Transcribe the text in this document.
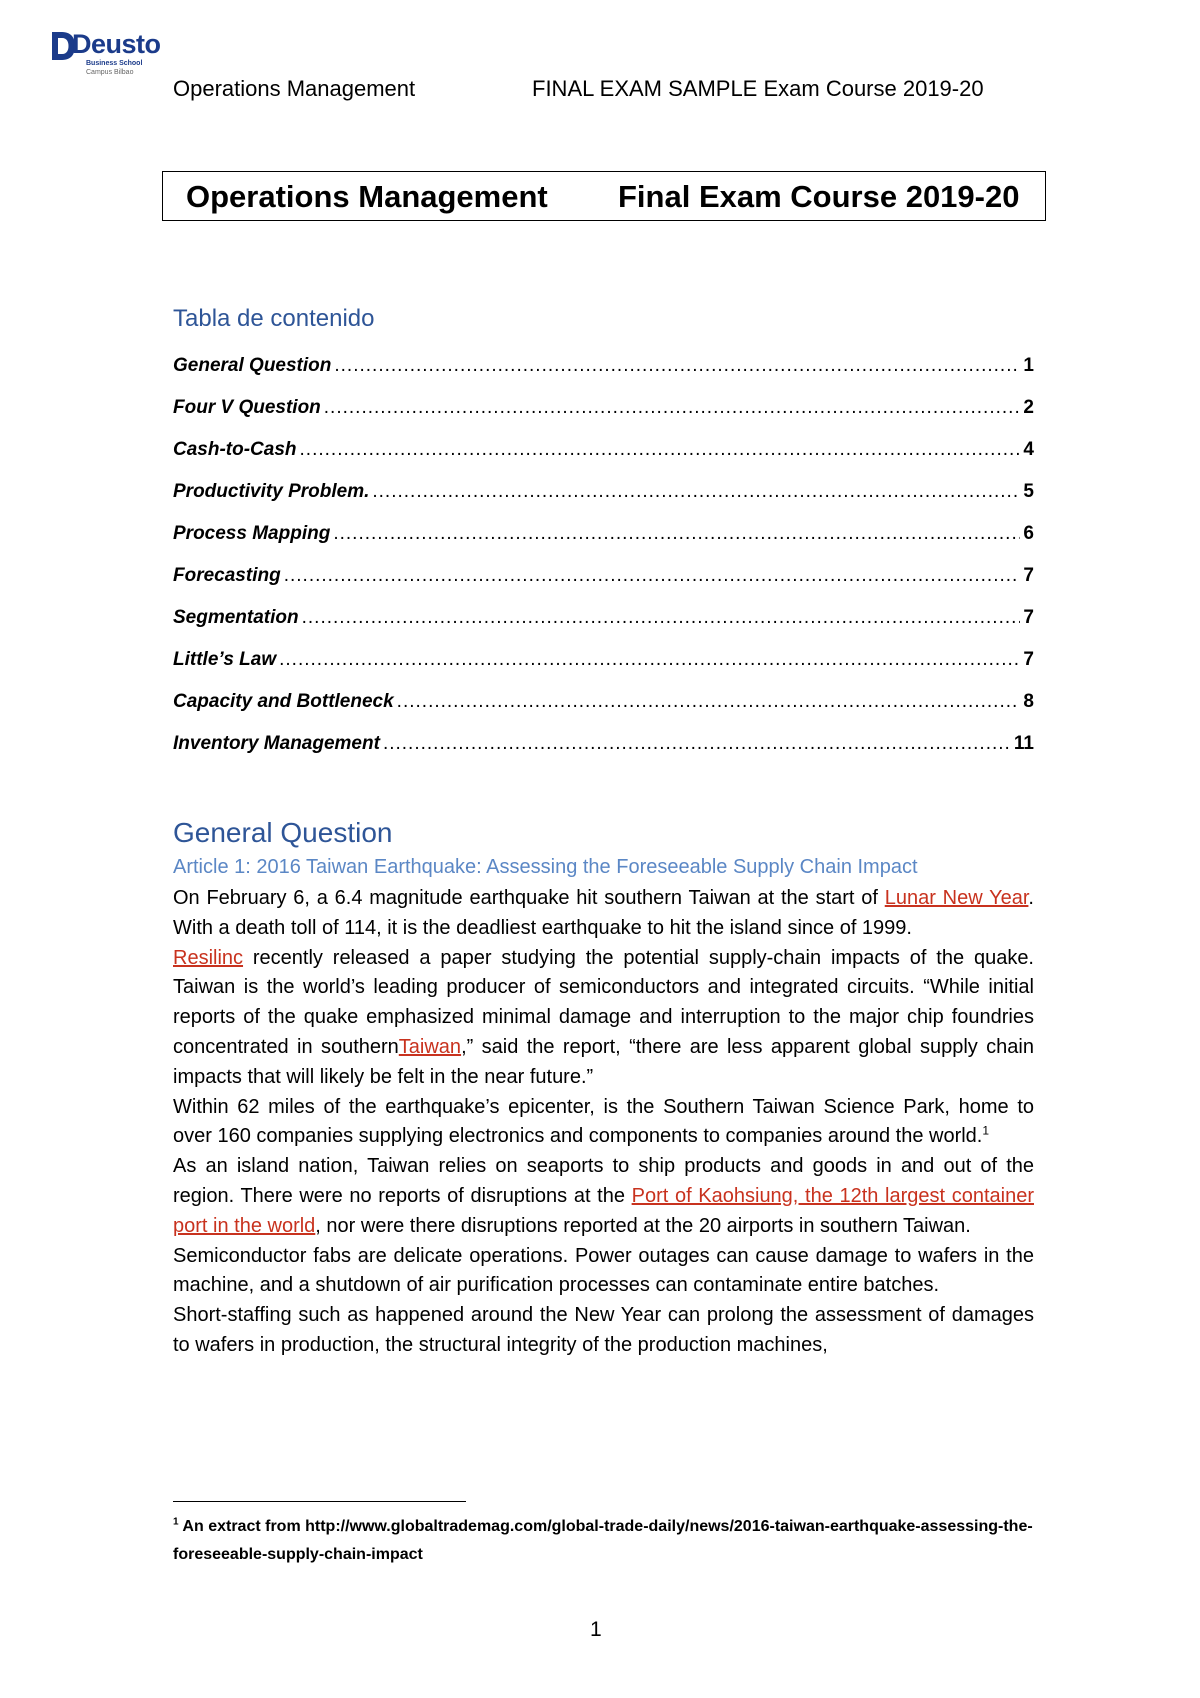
Deusto
Business School
Campus Bilbao
Operations Management	FINAL EXAM SAMPLE Exam Course 2019-20
Operations Management Final Exam Course 2019-20
Tabla de contenido
General Question .....	1
Four V Question .....	2
Cash-to-Cash .....	4
Productivity Problem. .....	5
Process Mapping .....	6
Forecasting .....	7
Segmentation .....	7
Little’s Law .....	7
Capacity and Bottleneck .....	8
Inventory Management .....	11
General Question
Article 1: 2016 Taiwan Earthquake: Assessing the Foreseeable Supply Chain Impact

On February 6, a 6.4 magnitude earthquake hit southern Taiwan at the start of Lunar New Year. With a death toll of 114, it is the deadliest earthquake to hit the island since of 1999.

Resilinc recently released a paper studying the potential supply-chain impacts of the quake. Taiwan is the world’s leading producer of semiconductors and integrated circuits. “While initial reports of the quake emphasized minimal damage and interruption to the major chip foundries concentrated in southernTaiwan,” said the report, “there are less apparent global supply chain impacts that will likely be felt in the near future.”

Within 62 miles of the earthquake’s epicenter, is the Southern Taiwan Science Park, home to over 160 companies supplying electronics and components to companies around the world.$^1$

As an island nation, Taiwan relies on seaports to ship products and goods in and out of the region. There were no reports of disruptions at the Port of Kaohsiung, the 12th largest container port in the world, nor were there disruptions reported at the 20 airports in southern Taiwan.

Semiconductor fabs are delicate operations. Power outages can cause damage to wafers in the machine, and a shutdown of air purification processes can contaminate entire batches.

Short-staffing such as happened around the New Year can prolong the assessment of damages to wafers in production, the structural integrity of the production machines,

$^1$ An extract from http://www.globaltrademag.com/global-trade-daily/news/2016-taiwan-earthquake-assessing-the-foreseeable-supply-chain-impact
1
